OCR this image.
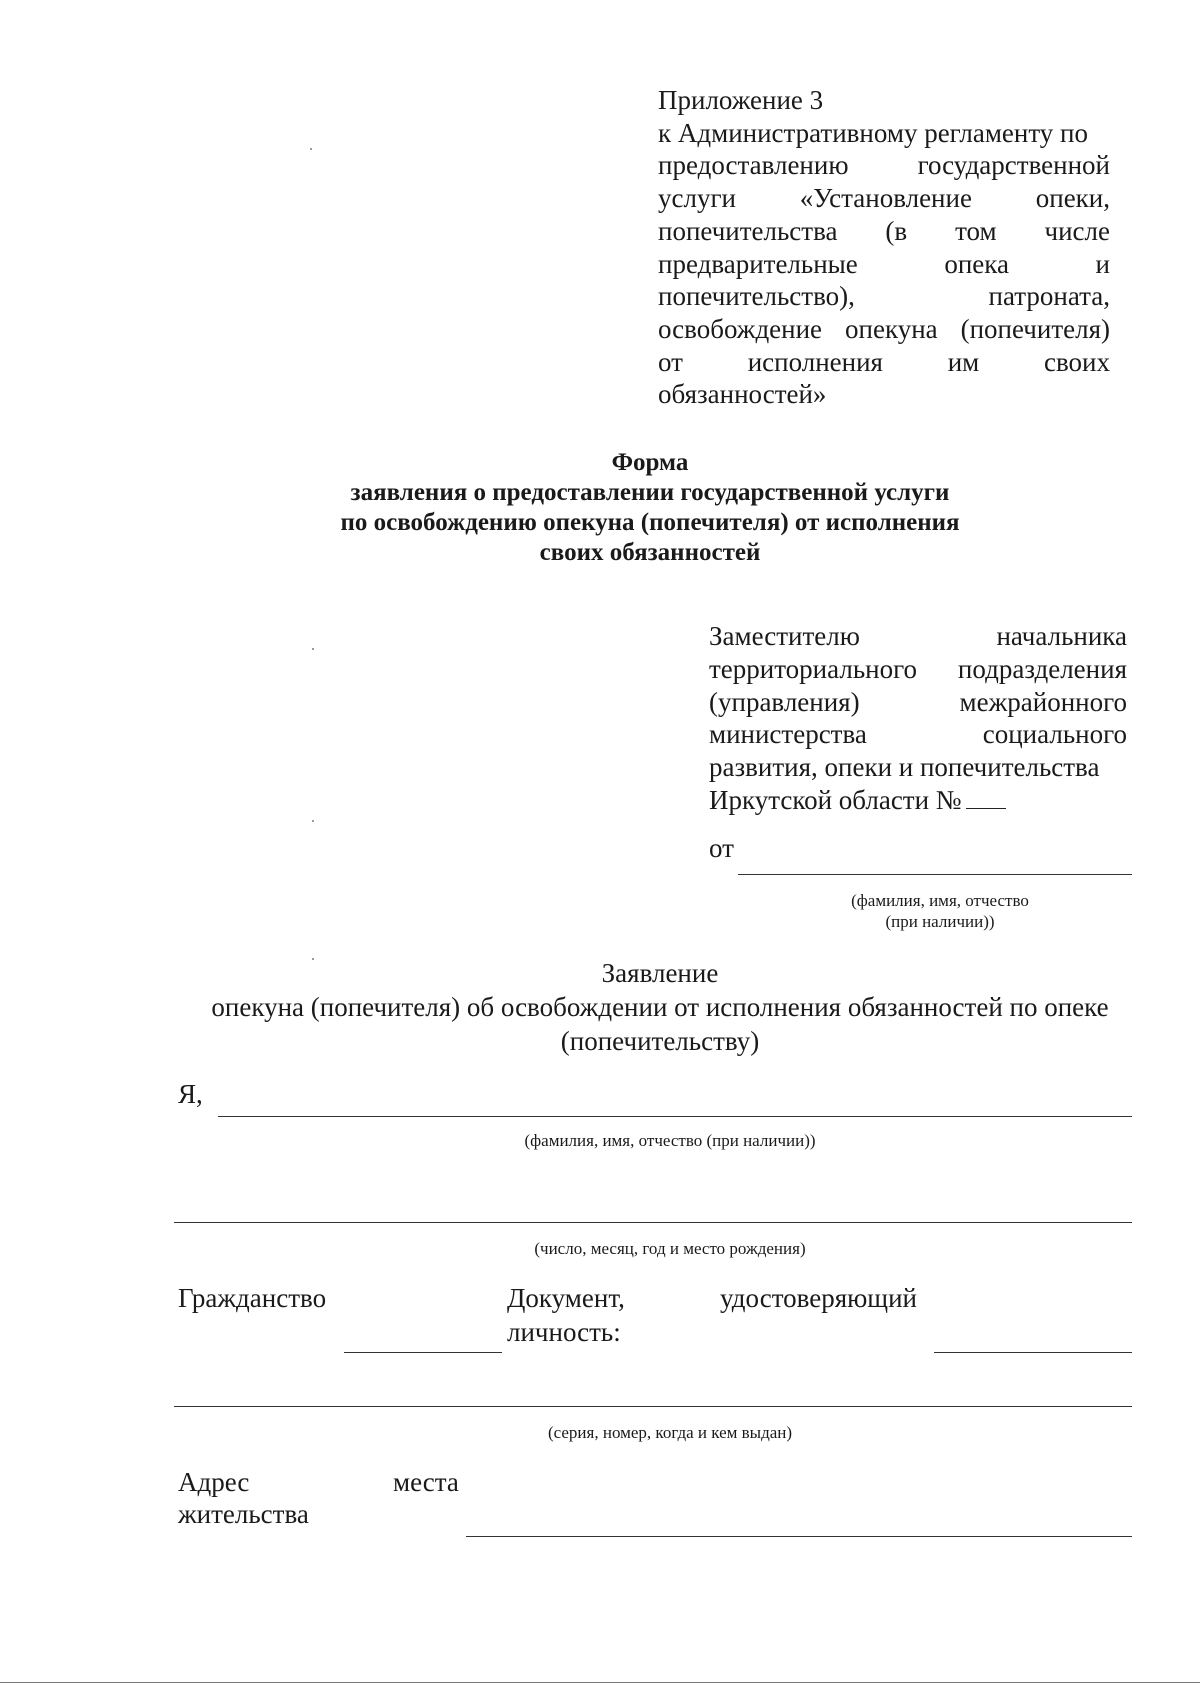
Приложение 3
к Административному регламенту по
предоставлению государственной
услуги «Установление опеки,
попечительства (в том числе
предварительные опека и
попечительство), патроната,
освобождение опекуна (попечителя)
от исполнения им своих
обязанностей»
Форма
заявления о предоставлении государственной услуги
по освобождению опекуна (попечителя) от исполнения
своих обязанностей
Заместителю начальника
территориального подразделения
(управления) межрайонного
министерства социального
развития, опеки и попечительства
Иркутской области №
от
(фамилия, имя, отчество
(при наличии))
Заявление
опекуна (попечителя) об освобождении от исполнения обязанностей по опеке
(попечительству)
Я,
(фамилия, имя, отчество (при наличии))
(число, месяц, год и место рождения)
Гражданство	Документ,	удостоверяющий
личность:
(серия, номер, когда и кем выдан)
Адрес	места
жительства
